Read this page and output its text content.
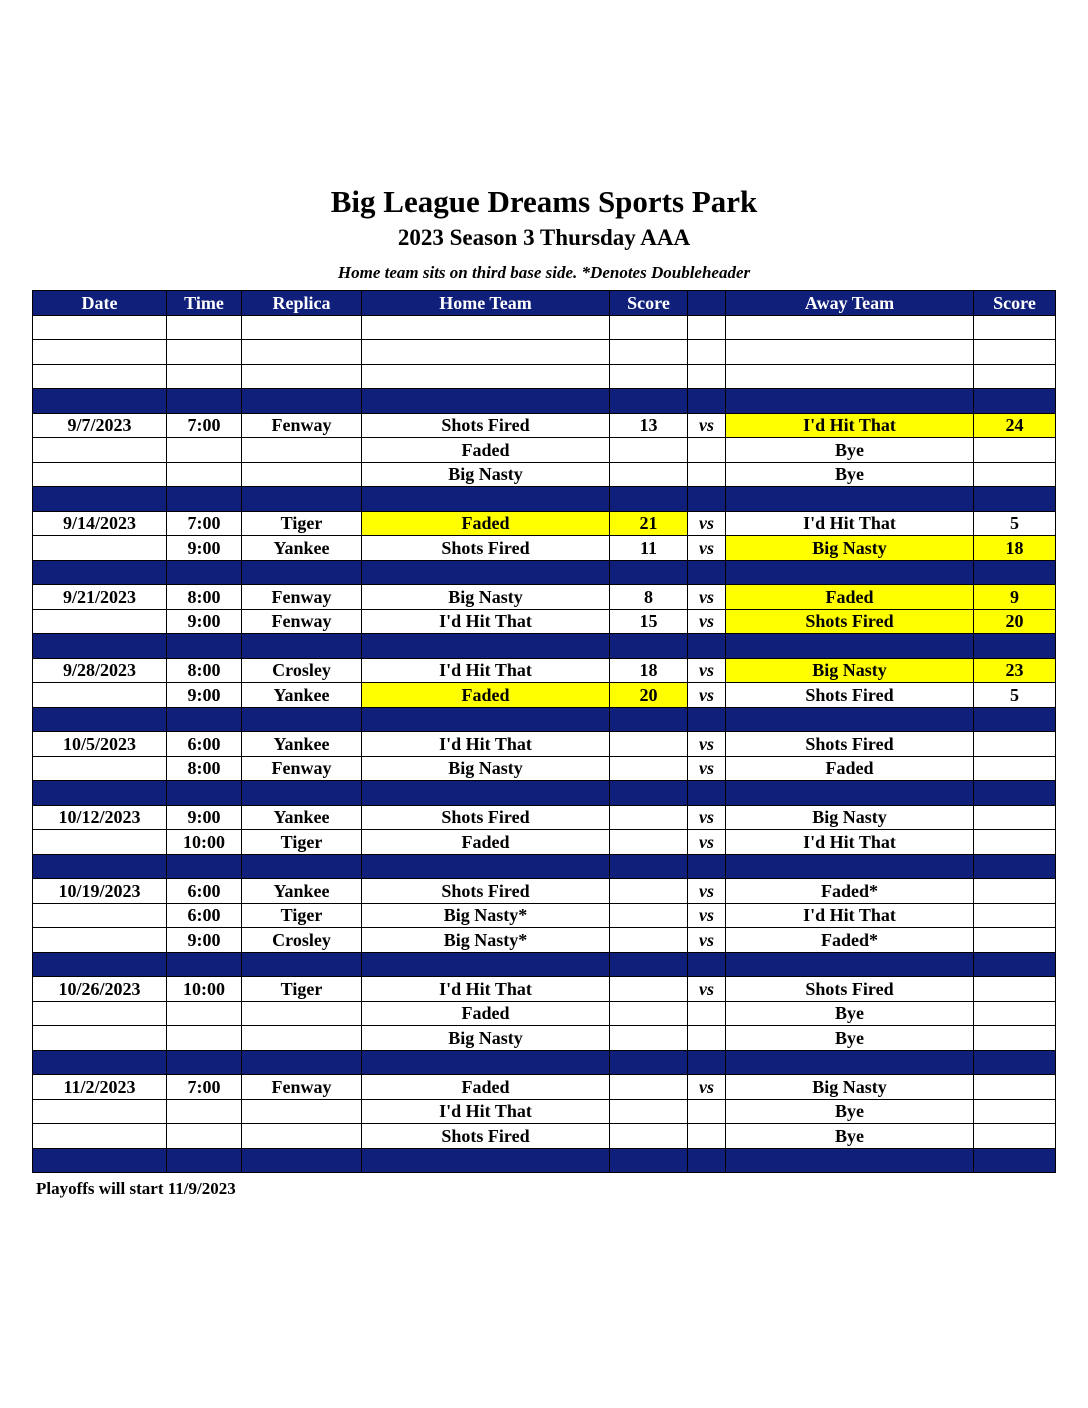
Big League Dreams Sports Park
2023 Season 3 Thursday AAA
Home team sits on third base side. *Denotes Doubleheader
Date	Time	Replica	Home Team	Score		Away Team	Score

9/7/2023	7:00	Fenway	Shots Fired	13	vs	I'd Hit That	24
			Faded			Bye	
			Big Nasty			Bye	

9/14/2023	7:00	Tiger	Faded	21	vs	I'd Hit That	5
	9:00	Yankee	Shots Fired	11	vs	Big Nasty	18

9/21/2023	8:00	Fenway	Big Nasty	8	vs	Faded	9
	9:00	Fenway	I'd Hit That	15	vs	Shots Fired	20

9/28/2023	8:00	Crosley	I'd Hit That	18	vs	Big Nasty	23
	9:00	Yankee	Faded	20	vs	Shots Fired	5

10/5/2023	6:00	Yankee	I'd Hit That		vs	Shots Fired	
	8:00	Fenway	Big Nasty		vs	Faded	

10/12/2023	9:00	Yankee	Shots Fired		vs	Big Nasty	
	10:00	Tiger	Faded		vs	I'd Hit That	

10/19/2023	6:00	Yankee	Shots Fired		vs	Faded*	
	6:00	Tiger	Big Nasty*		vs	I'd Hit That	
	9:00	Crosley	Big Nasty*		vs	Faded*	

10/26/2023	10:00	Tiger	I'd Hit That		vs	Shots Fired	
			Faded			Bye	
			Big Nasty			Bye	

11/2/2023	7:00	Fenway	Faded		vs	Big Nasty	
			I'd Hit That			Bye	
			Shots Fired			Bye	

Playoffs will start 11/9/2023
